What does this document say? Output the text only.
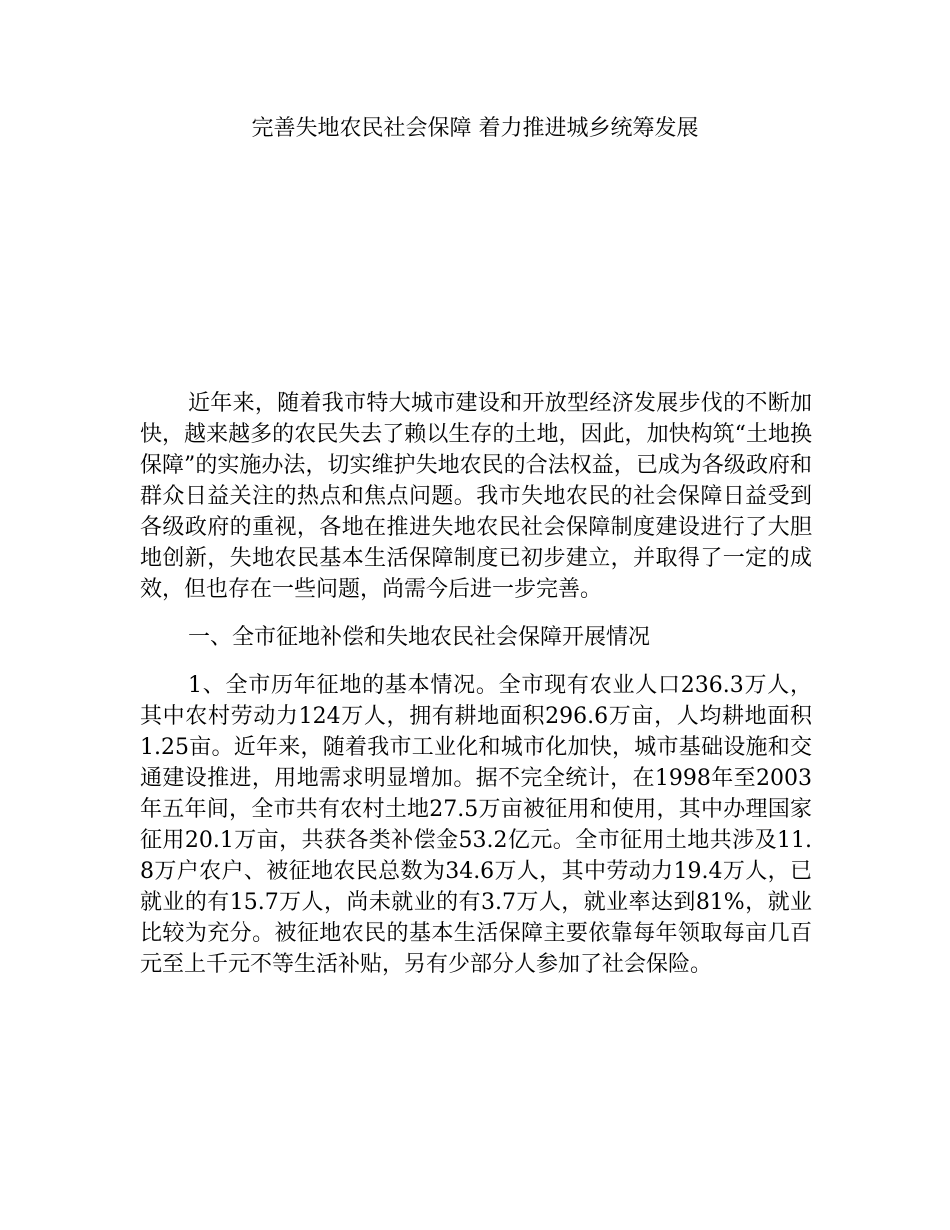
完善失地农民社会保障 着力推进城乡统筹发展

近年来，随着我市特大城市建设和开放型经济发展步伐的不断加快，越来越多的农民失去了赖以生存的土地，因此，加快构筑“土地换保障”的实施办法，切实维护失地农民的合法权益，已成为各级政府和群众日益关注的热点和焦点问题。我市失地农民的社会保障日益受到各级政府的重视，各地在推进失地农民社会保障制度建设进行了大胆地创新，失地农民基本生活保障制度已初步建立，并取得了一定的成效，但也存在一些问题，尚需今后进一步完善。

一、全市征地补偿和失地农民社会保障开展情况

1、全市历年征地的基本情况。全市现有农业人口236.3万人，其中农村劳动力124万人，拥有耕地面积296.6万亩，人均耕地面积1.25亩。近年来，随着我市工业化和城市化加快，城市基础设施和交通建设推进，用地需求明显增加。据不完全统计，在1998年至2003年五年间，全市共有农村土地27.5万亩被征用和使用，其中办理国家征用20.1万亩，共获各类补偿金53.2亿元。全市征用土地共涉及11.8万户农户、被征地农民总数为34.6万人，其中劳动力19.4万人，已就业的有15.7万人，尚未就业的有3.7万人，就业率达到81%，就业比较为充分。被征地农民的基本生活保障主要依靠每年领取每亩几百元至上千元不等生活补贴，另有少部分人参加了社会保险。
